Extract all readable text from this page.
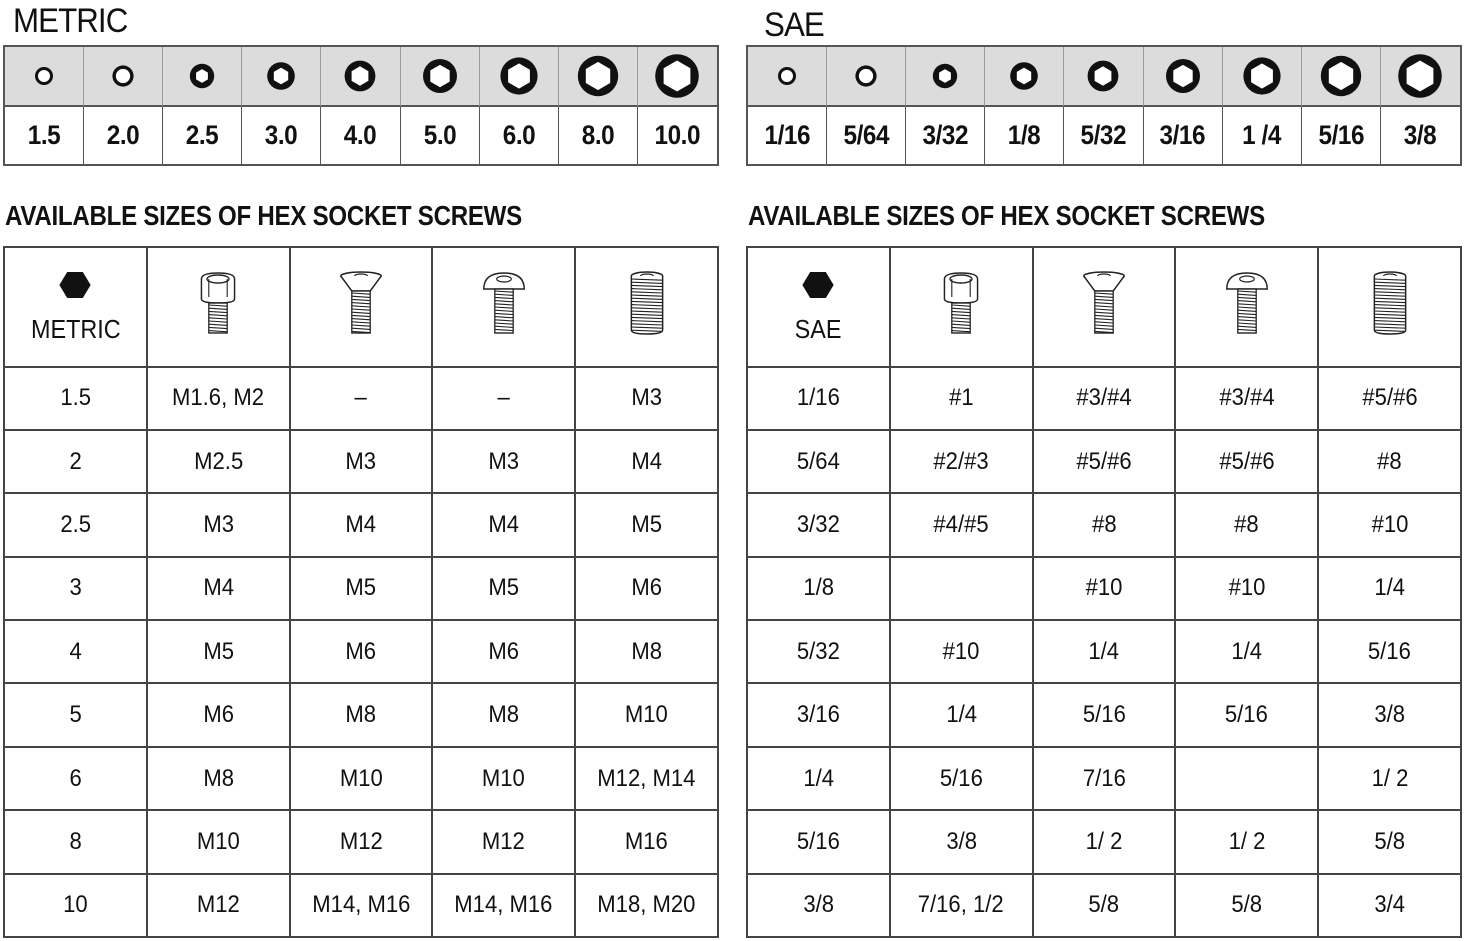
METRIC
1.5 2.0 2.5 3.0 4.0 5.0 6.0 8.0 10.0
AVAILABLE SIZES OF HEX SOCKET SCREWS
METRIC

1.5	M1.6, M2	–	–	M3
2	M2.5	M3	M3	M4
2.5	M3	M4	M4	M5
3	M4	M5	M5	M6
4	M5	M6	M6	M8
5	M6	M8	M8	M10
6	M8	M10	M10	M12, M14
8	M10	M12	M12	M16
10	M12	M14, M16	M14, M16	M18, M20
SAE
1/16 5/64 3/32 1/8 5/32 3/16 1 /4 5/16 3/8
AVAILABLE SIZES OF HEX SOCKET SCREWS
SAE

1/16	#1	#3/#4	#3/#4	#5/#6
5/64	#2/#3	#5/#6	#5/#6	#8
3/32	#4/#5	#8	#8	#10
1/8		#10	#10	1/4
5/32	#10	1/4	1/4	5/16
3/16	1/4	5/16	5/16	3/8
1/4	5/16	7/16		1/ 2
5/16	3/8	1/ 2	1/ 2	5/8
3/8	7/16, 1/2	5/8	5/8	3/4
